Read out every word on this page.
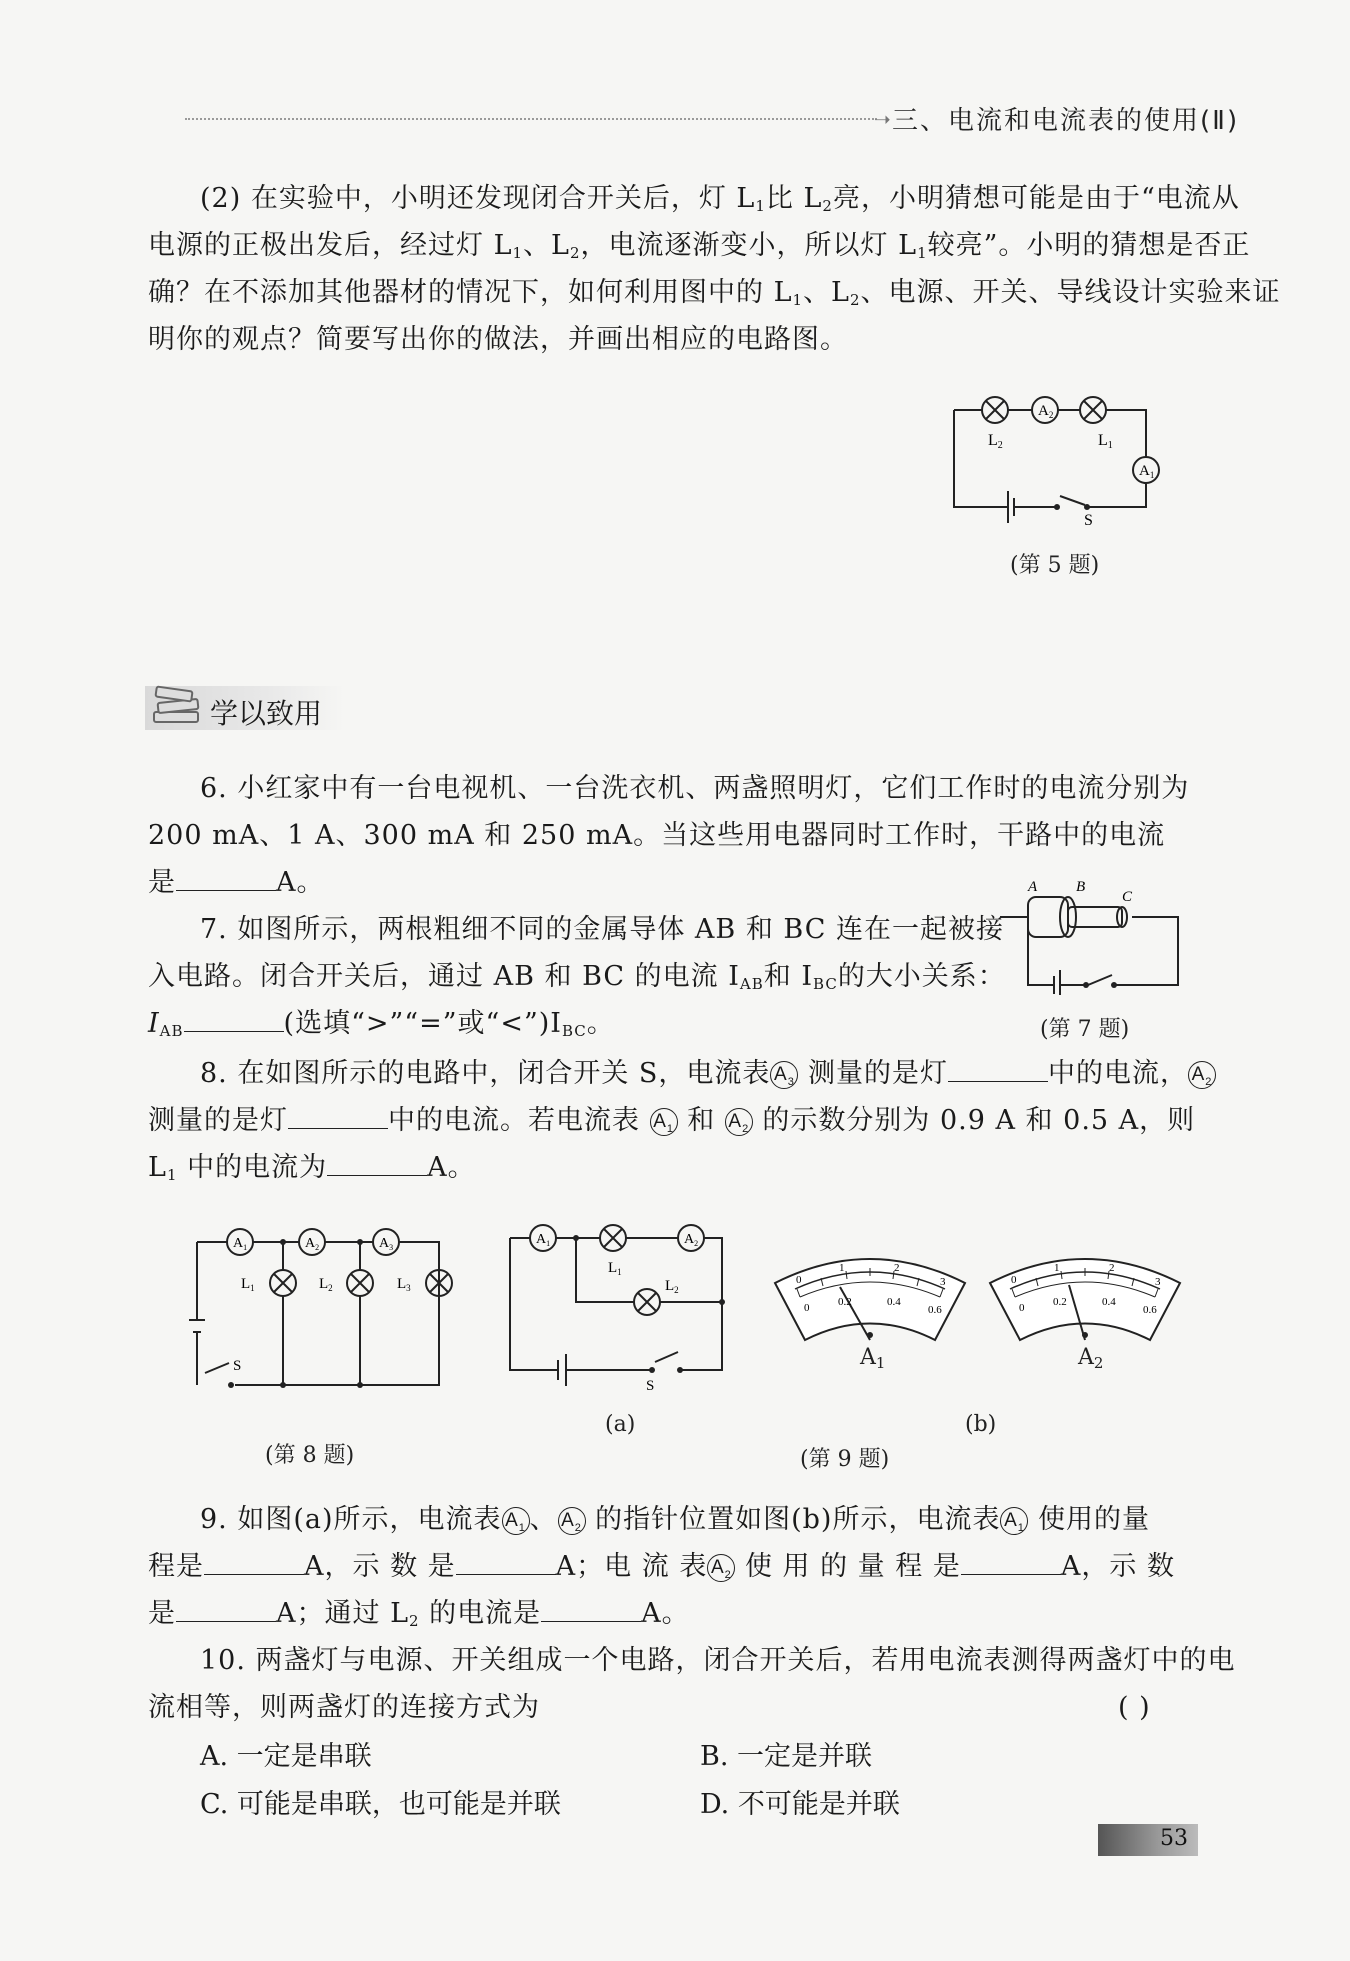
➝ 三、电流和电流表的使用(Ⅱ)
(2) 在实验中，小明还发现闭合开关后，灯 $L_1$比 $L_2$亮，小明猜想可能是由于“电流从
电源的正极出发后，经过灯 $L_1$、$L_2$，电流逐渐变小，所以灯 $L_1$较亮”。小明的猜想是否正
确？在不添加其他器材的情况下，如何利用图中的 $L_1$、$L_2$、电源、开关、导线设计实验来证
明你的观点？简要写出你的做法，并画出相应的电路图。
$A_2$
L2	L1
$A_1$
S
(第 5 题)
学以致用
6. 小红家中有一台电视机、一台洗衣机、两盏照明灯，它们工作时的电流分别为
200 mA、1 A、300 mA 和 250 mA。当这些用电器同时工作时，干路中的电流
是	A。
7. 如图所示，两根粗细不同的金属导体 AB 和 BC 连在一起被接
入电路。闭合开关后，通过 AB 和 BC 的电流 $I_{AB}$和 $I_{BC}$的大小关系：
$I_{AB}$	(选填“>”“=”或“$<”)I_{BC}$。
A	B
C
(第 7 题)
8. 在如图所示的电路中，闭合开关 S，电流表 $A_3$ 测量的是灯	中的电流， $A_2$
测量的是灯	中的电流。若电流表 $A_1$ 和 $A_2$ 的示数分别为 0.9 A 和 0.5 A，则
$L_1$ 中的电流为	A。
$A_1$	$A_2$	$A_3$
$L_1$	$L_2$	$L_3$
S
(第 8 题)
$A_1$	$A_2$
$L_1$
$L_2$
S
(a)
0
1	2
3
0	0.2	0.4
0.6
0
1	2
3
0	0.2	0.4
0.6
$A_1$	$A_2$
(b)
(第 9 题)
9. 如图(a)所示，电流表 $A_1$ 、 $A_2$ 的指针位置如图(b)所示，电流表 $A_1$ 使用的量
程是	A，示 数 是	A；电 流 表 $A_2$ 使 用 的 量 程 是	A，示 数
是	A；通过 $L_2$ 的电流是	A。
10. 两盏灯与电源、开关组成一个电路，闭合开关后，若用电流表测得两盏灯中的电
流相等，则两盏灯的连接方式为	( )
A. 一定是串联	B. 一定是并联
C. 可能是串联，也可能是并联	D. 不可能是并联
53
